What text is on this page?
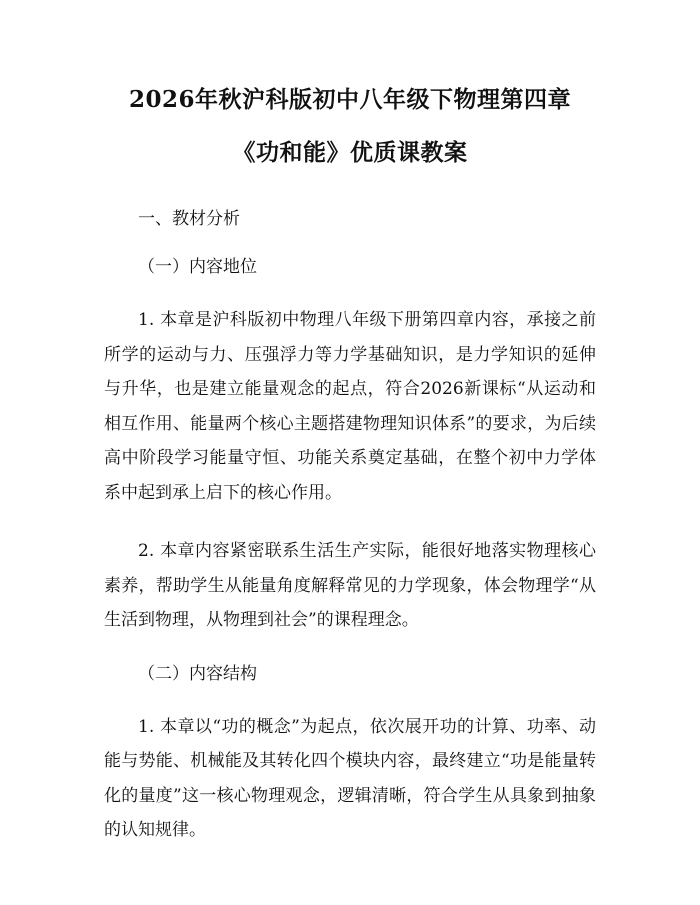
2026年秋沪科版初中八年级下物理第四章
《功和能》优质课教案

一、教材分析

（一）内容地位

1. 本章是沪科版初中物理八年级下册第四章内容，承接之前所学的运动与力、压强浮力等力学基础知识，是力学知识的延伸与升华，也是建立能量观念的起点，符合2026新课标“从运动和相互作用、能量两个核心主题搭建物理知识体系”的要求，为后续高中阶段学习能量守恒、功能关系奠定基础，在整个初中力学体系中起到承上启下的核心作用。

2. 本章内容紧密联系生活生产实际，能很好地落实物理核心素养，帮助学生从能量角度解释常见的力学现象，体会物理学“从生活到物理，从物理到社会”的课程理念。

（二）内容结构

1. 本章以“功的概念”为起点，依次展开功的计算、功率、动能与势能、机械能及其转化四个模块内容，最终建立“功是能量转化的量度”这一核心物理观念，逻辑清晰，符合学生从具象到抽象的认知规律。
